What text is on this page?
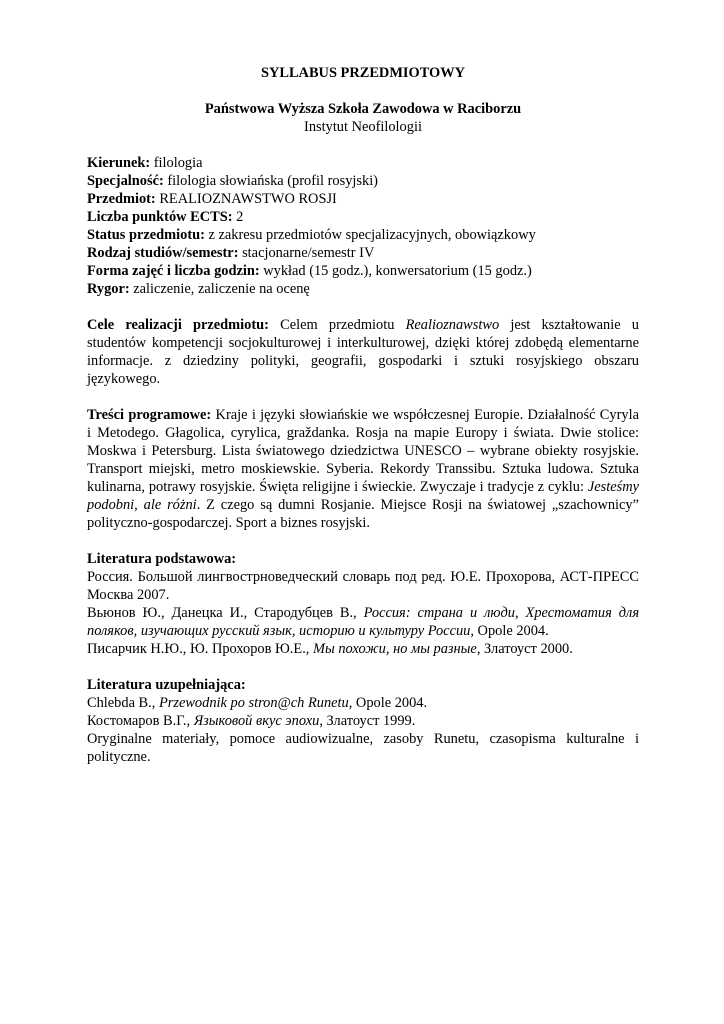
SYLLABUS PRZEDMIOTOWY
Państwowa Wyższa Szkoła Zawodowa w Raciborzu
Instytut Neofilologii
Kierunek: filologia
Specjalność: filologia słowiańska (profil rosyjski)
Przedmiot: REALIOZNAWSTWO ROSJI
Liczba punktów ECTS: 2
Status przedmiotu: z zakresu przedmiotów specjalizacyjnych, obowiązkowy
Rodzaj studiów/semestr: stacjonarne/semestr IV
Forma zajęć i liczba godzin: wykład (15 godz.), konwersatorium (15 godz.)
Rygor: zaliczenie, zaliczenie na ocenę
Cele realizacji przedmiotu: Celem przedmiotu Realioznawstwo jest kształtowanie u studentów kompetencji socjokulturowej i interkulturowej, dzięki której zdobędą elementarne informacje. z dziedziny polityki, geografii, gospodarki i sztuki rosyjskiego obszaru językowego.
Treści programowe: Kraje i języki słowiańskie we współczesnej Europie. Działalność Cyryla i Metodego. Głagolica, cyrylica, graždanka. Rosja na mapie Europy i świata. Dwie stolice: Moskwa i Petersburg. Lista światowego dziedzictwa UNESCO – wybrane obiekty rosyjskie. Transport miejski, metro moskiewskie. Syberia. Rekordy Transsibu. Sztuka ludowa. Sztuka kulinarna, potrawy rosyjskie. Święta religijne i świeckie. Zwyczaje i tradycje z cyklu: Jesteśmy podobni, ale różni. Z czego są dumni Rosjanie. Miejsce Rosji na światowej „szachownicy” polityczno-gospodarczej. Sport a biznes rosyjski.
Literatura podstawowa:
Россия. Большой лингвострноведческий словарь под ред. Ю.Е. Прохорова, АСТ-ПРЕСС Москва 2007.
Вьюнов Ю., Данецка И., Стародубцев В., Россия: страна и люди, Хрестоматия для поляков, изучающих русский язык, историю и культуру России, Opole 2004.
Писарчик Н.Ю., Ю. Прохоров Ю.Е., Мы похожи, но мы разные, Златоуст 2000.
Literatura uzupełniająca:
Chlebda B., Przewodnik po stron@ch Runetu, Opole 2004.
Костомаров В.Г., Языковой вкус эпохи, Златоуст 1999.
Oryginalne materiały, pomoce audiowizualne, zasoby Runetu, czasopisma kulturalne i polityczne.
